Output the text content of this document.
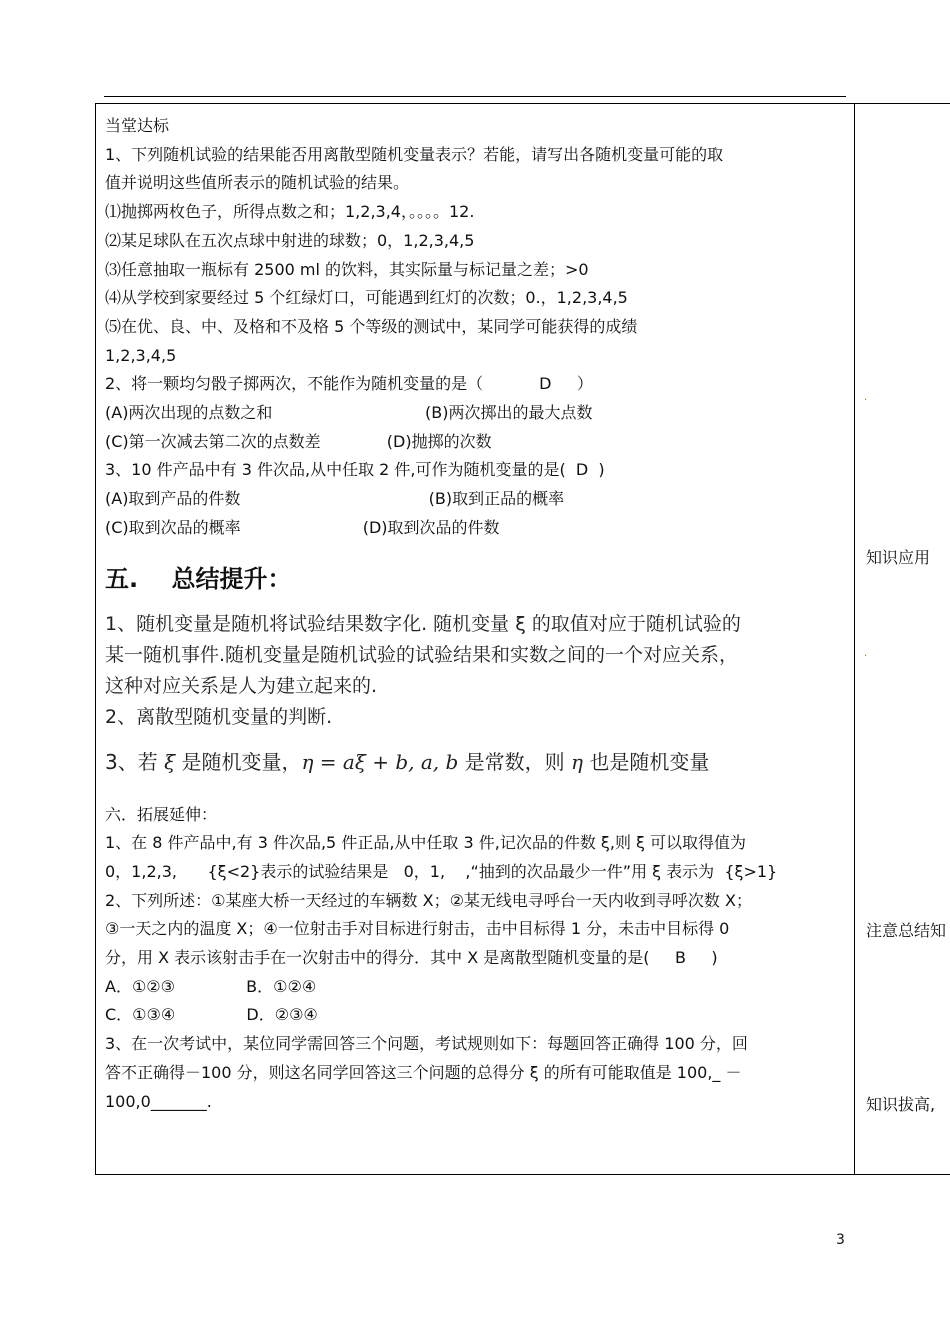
当堂达标
1、下列随机试验的结果能否用离散型随机变量表示？若能，请写出各随机变量可能的取
值并说明这些值所表示的随机试验的结果。
⑴抛掷两枚色子，所得点数之和；1,2,3,4，。。。。12.
⑵某足球队在五次点球中射进的球数；0，1,2,3,4,5
⑶任意抽取一瓶标有 2500 ml 的饮料，其实际量与标记量之差；>0
⑷从学校到家要经过 5 个红绿灯口，可能遇到红灯的次数；0.，1,2,3,4,5
⑸在优、良、中、及格和不及格 5 个等级的测试中，某同学可能获得的成绩
1,2,3,4,5
2、将一颗均匀骰子掷两次，不能作为随机变量的是（           D     ）
(A)两次出现的点数之和                              (B)两次掷出的最大点数
(C)第一次减去第二次的点数差             (D)抛掷的次数
3、10 件产品中有 3 件次品,从中任取 2 件,可作为随机变量的是(  D  )
(A)取到产品的件数                                     (B)取到正品的概率
(C)取到次品的概率                        (D)取到次品的件数
五.    总结提升：
1、随机变量是随机将试验结果数字化. 随机变量 ξ 的取值对应于随机试验的
某一随机事件.随机变量是随机试验的试验结果和实数之间的一个对应关系，
这种对应关系是人为建立起来的.
2、离散型随机变量的判断.
3、若 ξ 是随机变量，η = aξ + b, a, b 是常数，则 η 也是随机变量
六．拓展延伸：
1、在 8 件产品中,有 3 件次品,5 件正品,从中任取 3 件,记次品的件数 ξ,则 ξ 可以取得值为
0，1,2,3,      {ξ<2}表示的试验结果是   0，1,    ,“抽到的次品最少一件”用 ξ 表示为  {ξ>1}
2、下列所述：①某座大桥一天经过的车辆数 X；②某无线电寻呼台一天内收到寻呼次数 X；
③一天之内的温度 X；④一位射击手对目标进行射击，击中目标得 1 分，未击中目标得 0
分，用 X 表示该射击手在一次射击中的得分．其中 X 是离散型随机变量的是(     B     )
A．①②③              B．①②④
C．①③④              D．②③④
3、在一次考试中，某位同学需回答三个问题，考试规则如下：每题回答正确得 100 分，回
答不正确得－100 分，则这名同学回答这三个问题的总得分 ξ 的所有可能取值是 100,_ －
100,0_______.
.
知识应用
.
注意总结知
知识拔高,
3
